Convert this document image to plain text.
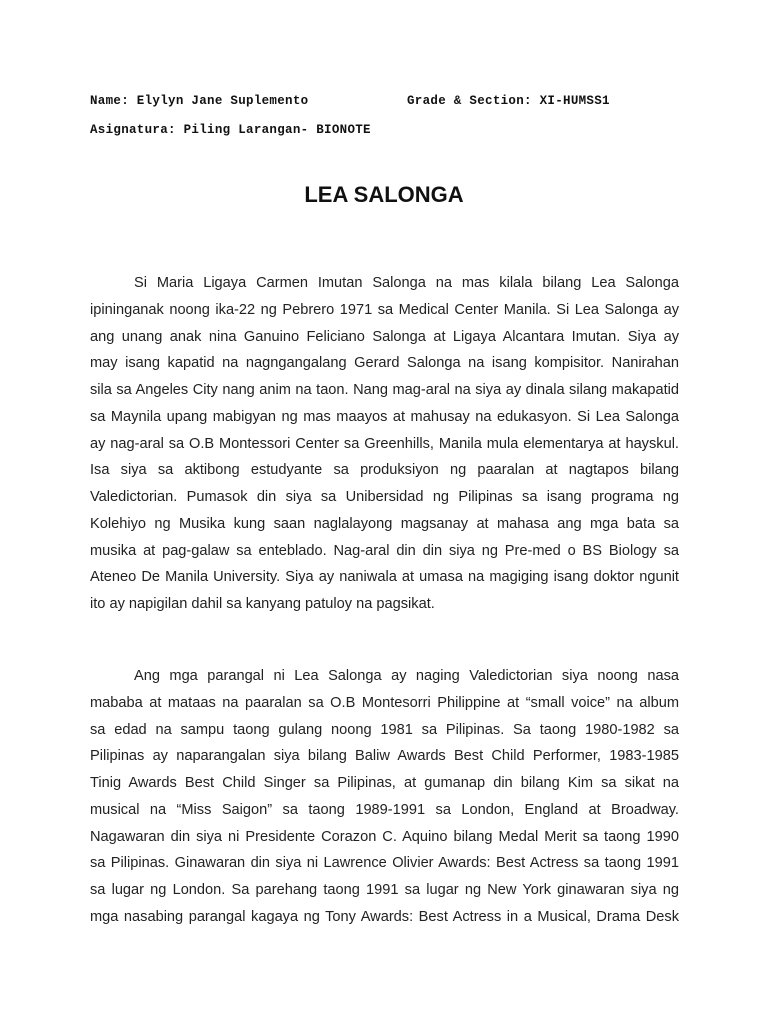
Name: Elylyn Jane Suplemento	Grade & Section: XI-HUMSS1
Asignatura: Piling Larangan- BIONOTE
LEA SALONGA
Si Maria Ligaya Carmen Imutan Salonga na mas kilala bilang Lea Salonga
ipininganak noong ika-22 ng Pebrero 1971 sa Medical Center Manila. Si Lea Salonga ay
ang unang anak nina Ganuino Feliciano Salonga at Ligaya Alcantara Imutan. Siya ay
may isang kapatid na nagngangalang Gerard Salonga na isang kompisitor. Nanirahan
sila sa Angeles City nang anim na taon. Nang mag-aral na siya ay dinala silang makapatid
sa Maynila upang mabigyan ng mas maayos at mahusay na edukasyon. Si Lea Salonga
ay nag-aral sa O.B Montessori Center sa Greenhills, Manila mula elementarya at hayskul.
Isa siya sa aktibong estudyante sa produksiyon ng paaralan at nagtapos bilang
Valedictorian. Pumasok din siya sa Unibersidad ng Pilipinas sa isang programa ng
Kolehiyo ng Musika kung saan naglalayong magsanay at mahasa ang mga bata sa
musika at pag-galaw sa enteblado. Nag-aral din din siya ng Pre-med o BS Biology sa
Ateneo De Manila University. Siya ay naniwala at umasa na magiging isang doktor ngunit
ito ay napigilan dahil sa kanyang patuloy na pagsikat.
Ang mga parangal ni Lea Salonga ay naging Valedictorian siya noong nasa
mababa at mataas na paaralan sa O.B Montesorri Philippine at “small voice” na album
sa edad na sampu taong gulang noong 1981 sa Pilipinas. Sa taong 1980-1982 sa
Pilipinas ay naparangalan siya bilang Baliw Awards Best Child Performer, 1983-1985
Tinig Awards Best Child Singer sa Pilipinas, at gumanap din bilang Kim sa sikat na
musical na “Miss Saigon” sa taong 1989-1991 sa London, England at Broadway.
Nagawaran din siya ni Presidente Corazon C. Aquino bilang Medal Merit sa taong 1990
sa Pilipinas. Ginawaran din siya ni Lawrence Olivier Awards: Best Actress sa taong 1991
sa lugar ng London. Sa parehang taong 1991 sa lugar ng New York ginawaran siya ng
mga nasabing parangal kagaya ng Tony Awards: Best Actress in a Musical, Drama Desk
